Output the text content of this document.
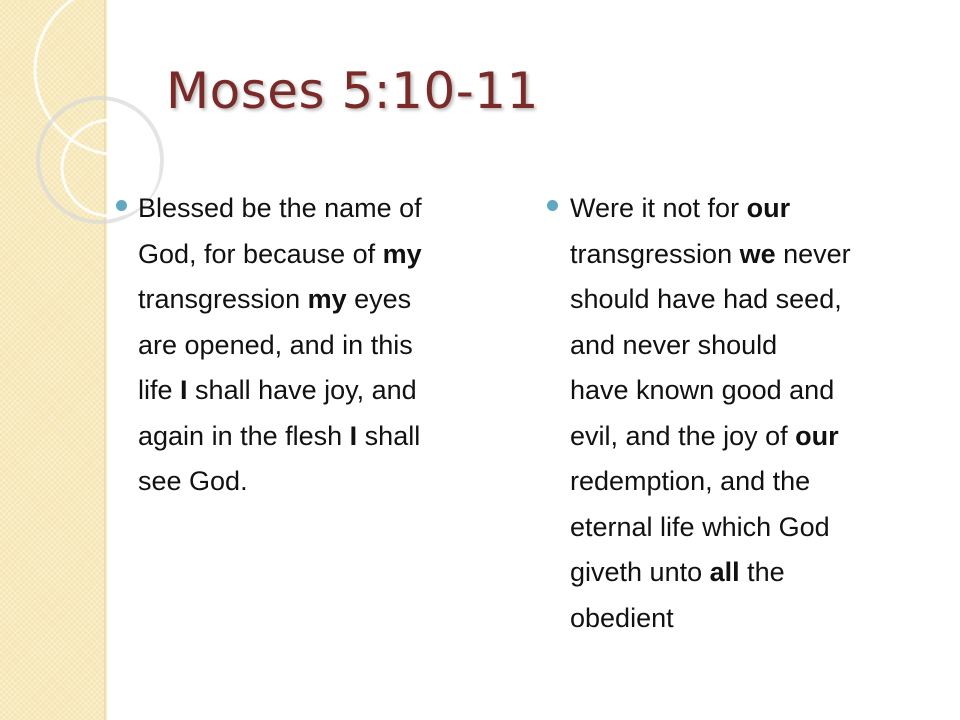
Moses 5:10-11
Blessed be the name of
God, for because of my
transgression my eyes
are opened, and in this
life I shall have joy, and
again in the flesh I shall
see God.
Were it not for our
transgression we never
should have had seed,
and never should
have known good and
evil, and the joy of our
redemption, and the
eternal life which God
giveth unto all the
obedient
